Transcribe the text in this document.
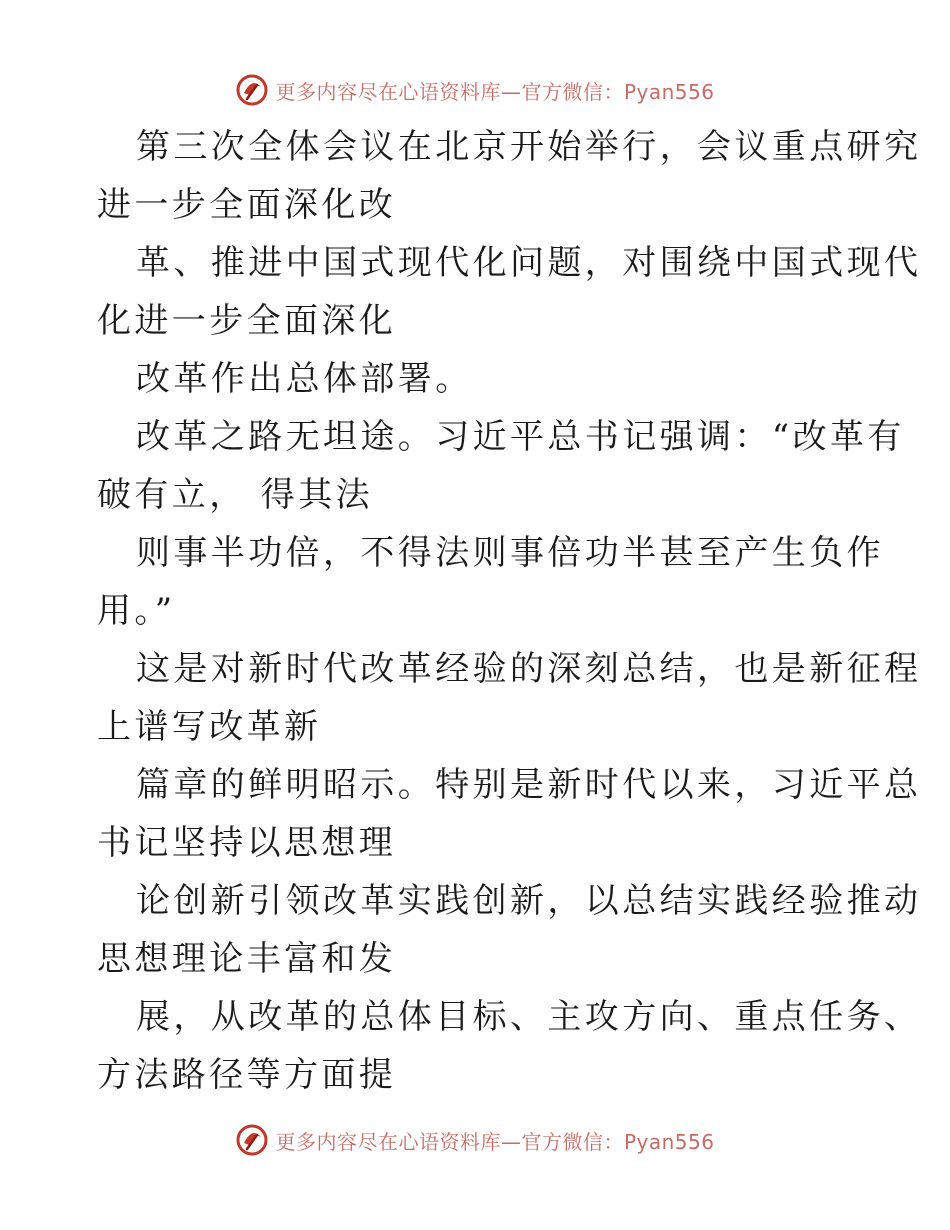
更多内容尽在心语资料库—官方微信：Pyan556
第三次全体会议在北京开始举行，会议重点研究
进一步全面深化改
革、推进中国式现代化问题，对围绕中国式现代
化进一步全面深化
改革作出总体部署。
改革之路无坦途。习近平总书记强调：“改革有
破有立， 得其法
则事半功倍，不得法则事倍功半甚至产生负作
用。”
这是对新时代改革经验的深刻总结，也是新征程
上谱写改革新
篇章的鲜明昭示。特别是新时代以来，习近平总
书记坚持以思想理
论创新引领改革实践创新，以总结实践经验推动
思想理论丰富和发
展，从改革的总体目标、主攻方向、重点任务、
方法路径等方面提
更多内容尽在心语资料库—官方微信：Pyan556
